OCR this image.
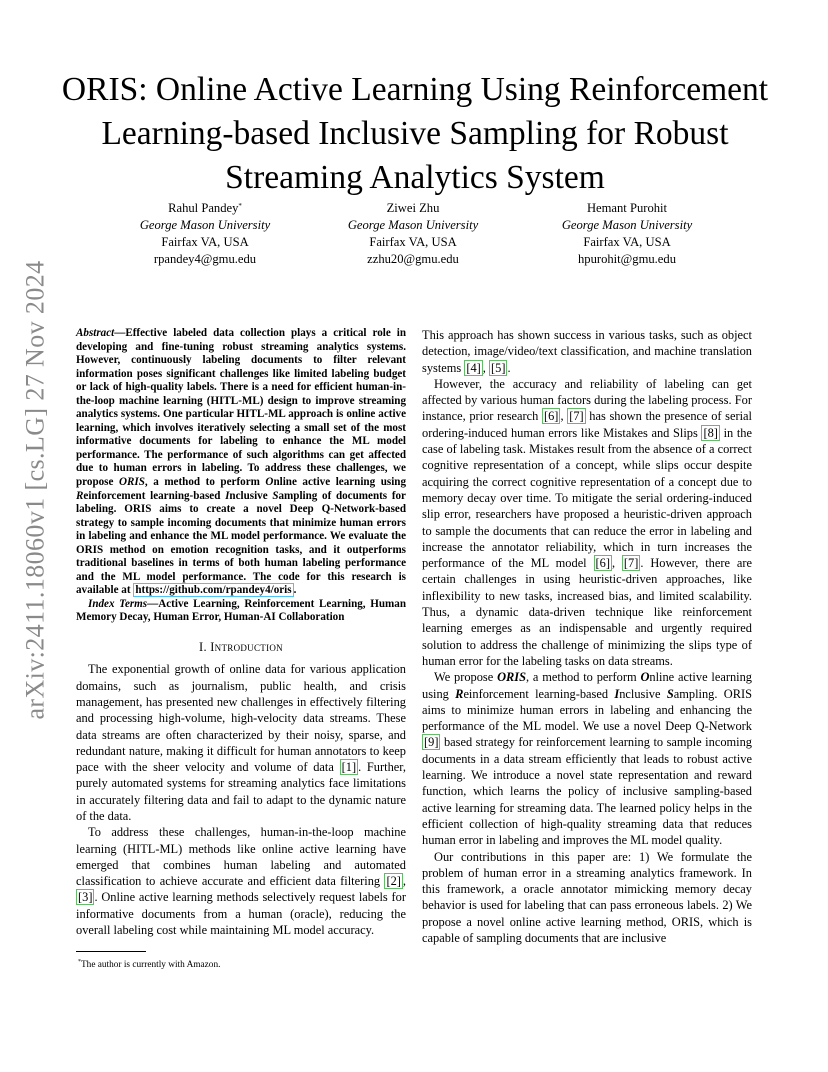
arXiv:2411.18060v1 [cs.LG] 27 Nov 2024
ORIS: Online Active Learning Using Reinforcement Learning-based Inclusive Sampling for Robust Streaming Analytics System
Rahul Pandey*
George Mason University
Fairfax VA, USA
rpandey4@gmu.edu
Ziwei Zhu
George Mason University
Fairfax VA, USA
zzhu20@gmu.edu
Hemant Purohit
George Mason University
Fairfax VA, USA
hpurohit@gmu.edu

Abstract—Effective labeled data collection plays a critical role in developing and fine-tuning robust streaming analytics systems. However, continuously labeling documents to filter relevant information poses significant challenges like limited labeling budget or lack of high-quality labels. There is a need for efficient human-in-the-loop machine learning (HITL-ML) design to improve streaming analytics systems. One particular HITL-ML approach is online active learning, which involves iteratively selecting a small set of the most informative documents for labeling to enhance the ML model performance. The performance of such algorithms can get affected due to human errors in labeling. To address these challenges, we propose ORIS, a method to perform Online active learning using Reinforcement learning-based Inclusive Sampling of documents for labeling. ORIS aims to create a novel Deep Q-Network-based strategy to sample incoming documents that minimize human errors in labeling and enhance the ML model performance. We evaluate the ORIS method on emotion recognition tasks, and it outperforms traditional baselines in terms of both human labeling performance and the ML model performance. The code for this research is available at https://github.com/rpandey4/oris .

Index Terms—Active Learning, Reinforcement Learning, Human Memory Decay, Human Error, Human-AI Collaboration

I. Introduction

The exponential growth of online data for various application domains, such as journalism, public health, and crisis management, has presented new challenges in effectively filtering and processing high-volume, high-velocity data streams. These data streams are often characterized by their noisy, sparse, and redundant nature, making it difficult for human annotators to keep pace with the sheer velocity and volume of data [1] . Further, purely automated systems for streaming analytics face limitations in accurately filtering data and fail to adapt to the dynamic nature of the data.

To address these challenges, human-in-the-loop machine learning (HITL-ML) methods like online active learning have emerged that combines human labeling and automated classification to achieve accurate and efficient data filtering [2] , [3] . Online active learning methods selectively request labels for informative documents from a human (oracle), reducing the overall labeling cost while maintaining ML model accuracy.

This approach has shown success in various tasks, such as object detection, image/video/text classification, and machine translation systems [4] , [5] .

However, the accuracy and reliability of labeling can get affected by various human factors during the labeling process. For instance, prior research [6] , [7] has shown the presence of serial ordering-induced human errors like Mistakes and Slips [8] in the case of labeling task. Mistakes result from the absence of a correct cognitive representation of a concept, while slips occur despite acquiring the correct cognitive representation of a concept due to memory decay over time. To mitigate the serial ordering-induced slip error, researchers have proposed a heuristic-driven approach to sample the documents that can reduce the error in labeling and increase the annotator reliability, which in turn increases the performance of the ML model [6] , [7] . However, there are certain challenges in using heuristic-driven approaches, like inflexibility to new tasks, increased bias, and limited scalability. Thus, a dynamic data-driven technique like reinforcement learning emerges as an indispensable and urgently required solution to address the challenge of minimizing the slips type of human error for the labeling tasks on data streams.

We propose ORIS, a method to perform Online active learning using Reinforcement learning-based Inclusive Sampling. ORIS aims to minimize human errors in labeling and enhancing the performance of the ML model. We use a novel Deep Q-Network [9] based strategy for reinforcement learning to sample incoming documents in a data stream efficiently that leads to robust active learning. We introduce a novel state representation and reward function, which learns the policy of inclusive sampling-based active learning for streaming data. The learned policy helps in the efficient collection of high-quality streaming data that reduces human error in labeling and improves the ML model quality.

Our contributions in this paper are: 1) We formulate the problem of human error in a streaming analytics framework. In this framework, a oracle annotator mimicking memory decay behavior is used for labeling that can pass erroneous labels. 2) We propose a novel online active learning method, ORIS, which is capable of sampling documents that are inclusive

*The author is currently with Amazon.
